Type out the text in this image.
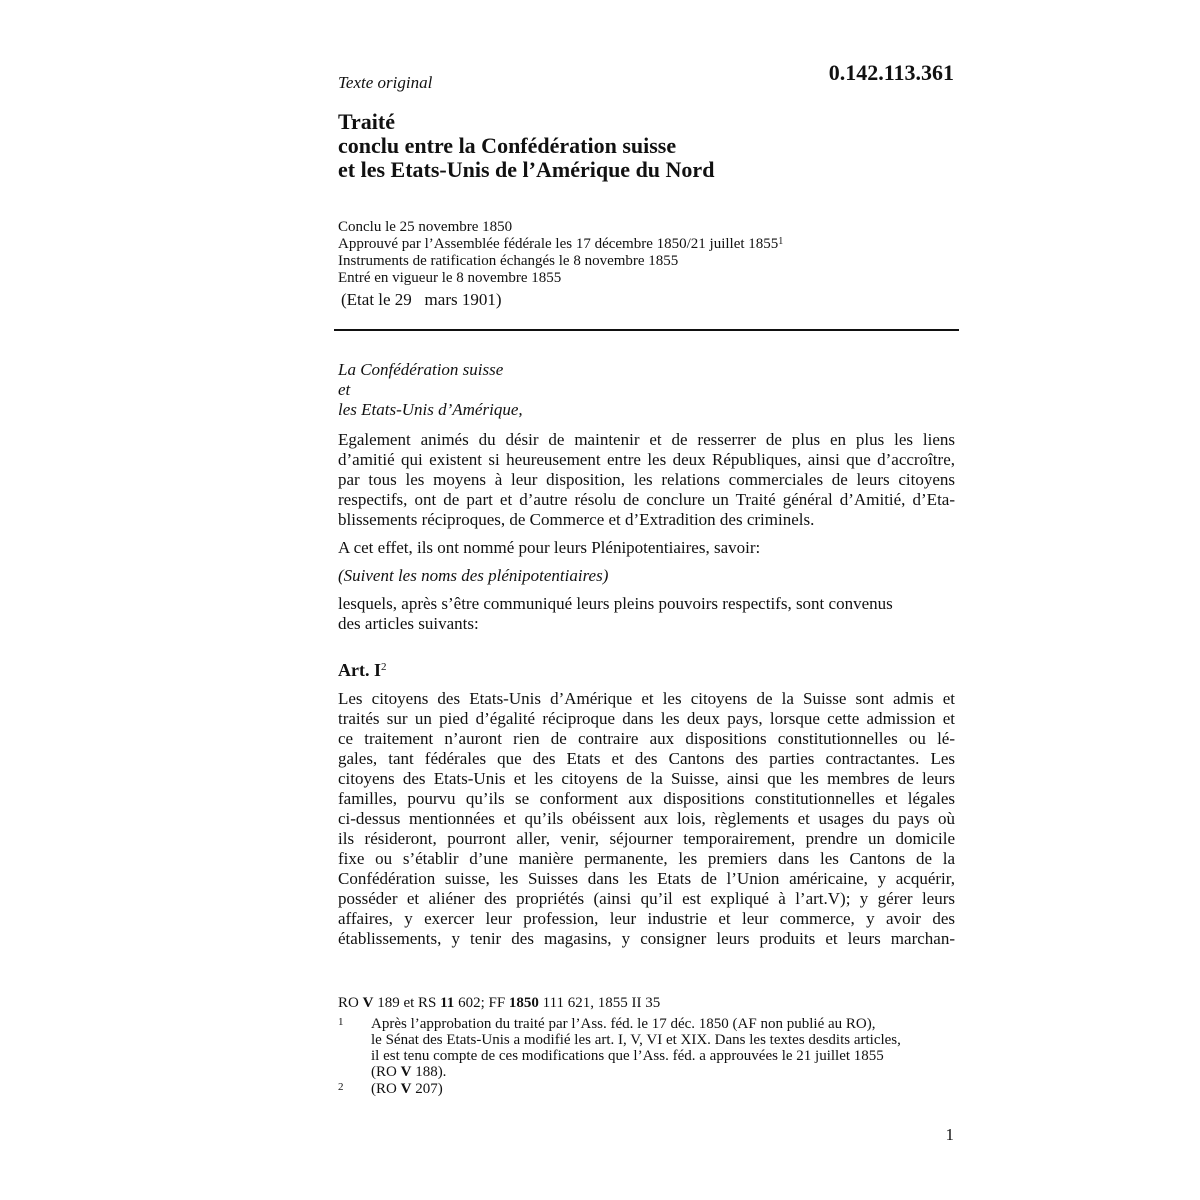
Texte original	0.142.113.361
Traité
conclu entre la Confédération suisse
et les Etats-Unis de l’Amérique du Nord
Conclu le 25 novembre 1850
Approuvé par l’Assemblée fédérale les 17 décembre 1850/21 juillet 1855$^1$
Instruments de ratification échangés le 8 novembre 1855
Entré en vigueur le 8 novembre 1855
(Etat le 29   mars 1901)
La Confédération suisse
et
les Etats-Unis d’Amérique,
Egalement animés du désir de maintenir et de resserrer de plus en plus les liens
d’amitié qui existent si heureusement entre les deux Républiques, ainsi que d’accroître,
par tous les moyens à leur disposition, les relations commerciales de leurs citoyens
respectifs, ont de part et d’autre résolu de conclure un Traité général d’Amitié, d’Eta-
blissements réciproques, de Commerce et d’Extradition des criminels.
A cet effet, ils ont nommé pour leurs Plénipotentiaires, savoir:
(Suivent les noms des plénipotentiaires)
lesquels, après s’être communiqué leurs pleins pouvoirs respectifs, sont convenus
des articles suivants:
Art. $I^2$
Les citoyens des Etats-Unis d’Amérique et les citoyens de la Suisse sont admis et
traités sur un pied d’égalité réciproque dans les deux pays, lorsque cette admission et
ce traitement n’auront rien de contraire aux dispositions constitutionnelles ou lé-
gales, tant fédérales que des Etats et des Cantons des parties contractantes. Les
citoyens des Etats-Unis et les citoyens de la Suisse, ainsi que les membres de leurs
familles, pourvu qu’ils se conforment aux dispositions constitutionnelles et légales
ci-dessus mentionnées et qu’ils obéissent aux lois, règlements et usages du pays où
ils résideront, pourront aller, venir, séjourner temporairement, prendre un domicile
fixe ou s’établir d’une manière permanente, les premiers dans les Cantons de la
Confédération suisse, les Suisses dans les Etats de l’Union américaine, y acquérir,
posséder et aliéner des propriétés (ainsi qu’il est expliqué à l’art.V); y gérer leurs
affaires, y exercer leur profession, leur industrie et leur commerce, y avoir des
établissements, y tenir des magasins, y consigner leurs produits et leurs marchan-
RO V 189 et RS 11 602; FF 1850 111 621, 1855 II 35
1 Après l’approbation du traité par l’Ass. féd. le 17 déc. 1850 (AF non publié au RO),
le Sénat des Etats-Unis a modifié les art. I, V, VI et XIX. Dans les textes desdits articles,
il est tenu compte de ces modifications que l’Ass. féd. a approuvées le 21 juillet 1855
(RO V 188).
2 (RO V 207)
1
